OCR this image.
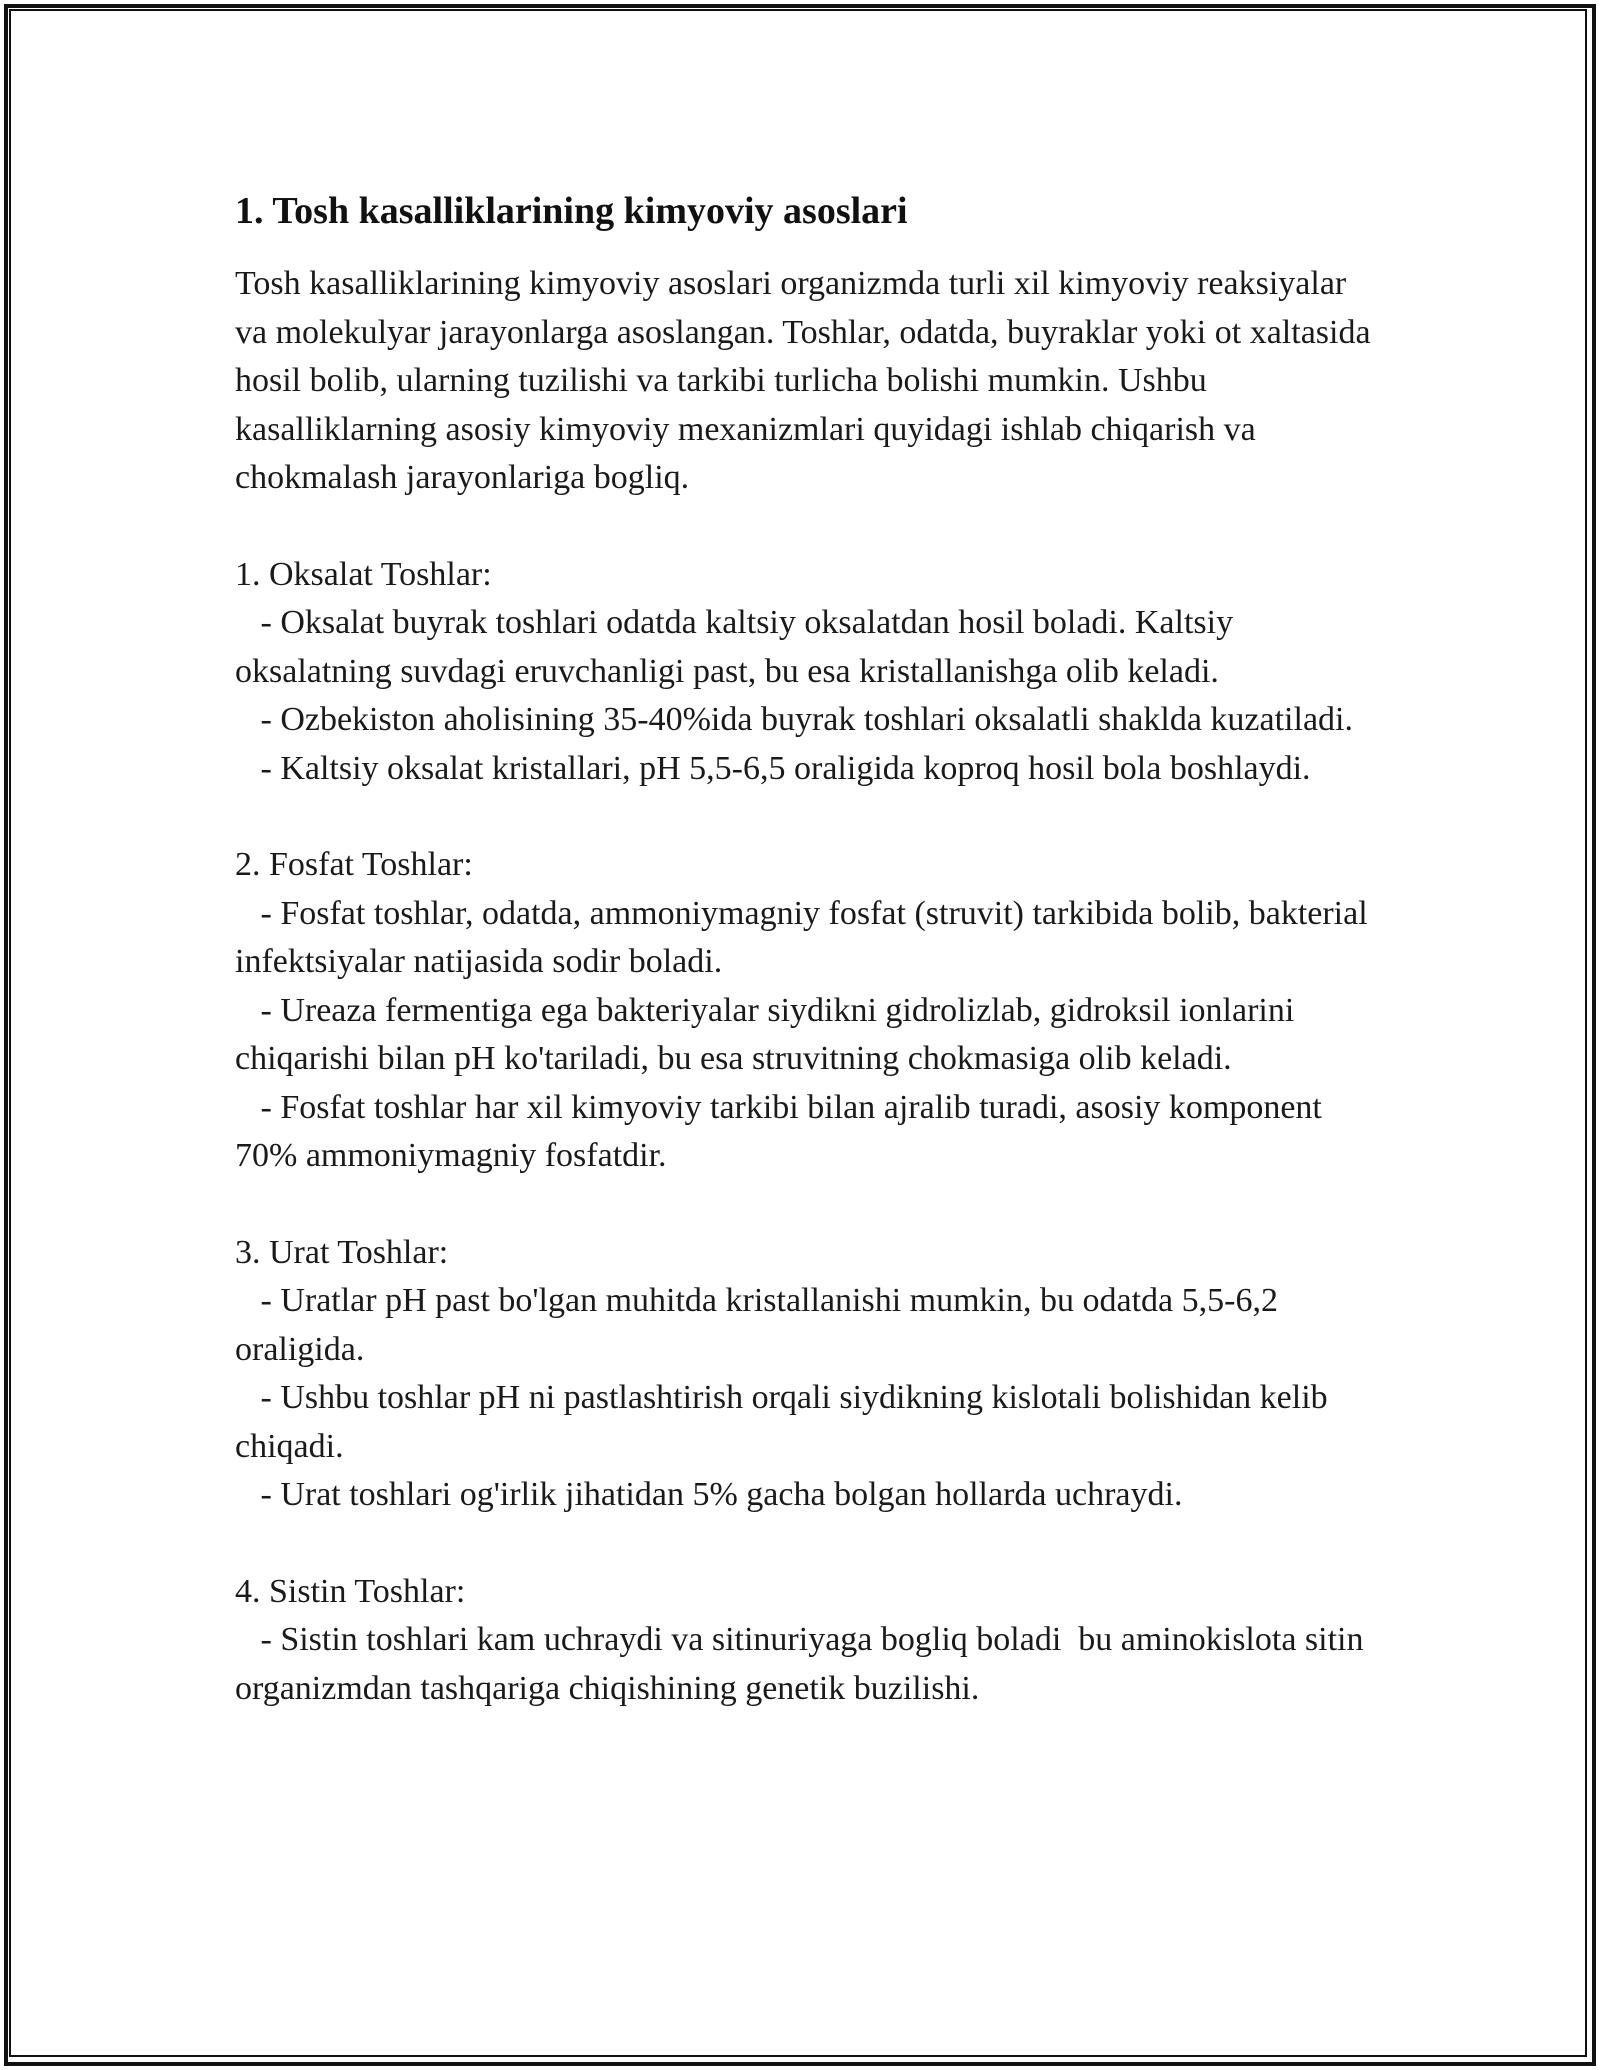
1. Tosh kasalliklarining kimyoviy asoslari

Tosh kasalliklarining kimyoviy asoslari organizmda turli xil kimyoviy reaksiyalar va molekulyar jarayonlarga asoslangan. Toshlar, odatda, buyraklar yoki ot xaltasida hosil bolib, ularning tuzilishi va tarkibi turlicha bolishi mumkin. Ushbu kasalliklarning asosiy kimyoviy mexanizmlari quyidagi ishlab chiqarish va chokmalash jarayonlariga bogliq.

1. Oksalat Toshlar:

- Oksalat buyrak toshlari odatda kaltsiy oksalatdan hosil boladi. Kaltsiy oksalatning suvdagi eruvchanligi past, bu esa kristallanishga olib keladi.

- Ozbekiston aholisining 35-40%ida buyrak toshlari oksalatli shaklda kuzatiladi.

- Kaltsiy oksalat kristallari, pH 5,5-6,5 oraligida koproq hosil bola boshlaydi.

2. Fosfat Toshlar:

- Fosfat toshlar, odatda, ammoniymagniy fosfat (struvit) tarkibida bolib, bakterial infektsiyalar natijasida sodir boladi.

- Ureaza fermentiga ega bakteriyalar siydikni gidrolizlab, gidroksil ionlarini chiqarishi bilan pH ko'tariladi, bu esa struvitning chokmasiga olib keladi.

- Fosfat toshlar har xil kimyoviy tarkibi bilan ajralib turadi, asosiy komponent 70% ammoniymagniy fosfatdir.

3. Urat Toshlar:

- Uratlar pH past bo'lgan muhitda kristallanishi mumkin, bu odatda 5,5-6,2 oraligida.

- Ushbu toshlar pH ni pastlashtirish orqali siydikning kislotali bolishidan kelib chiqadi.

- Urat toshlari og'irlik jihatidan 5% gacha bolgan hollarda uchraydi.

4. Sistin Toshlar:

- Sistin toshlari kam uchraydi va sitinuriyaga bogliq boladi  bu aminokislota sitin organizmdan tashqariga chiqishining genetik buzilishi.
